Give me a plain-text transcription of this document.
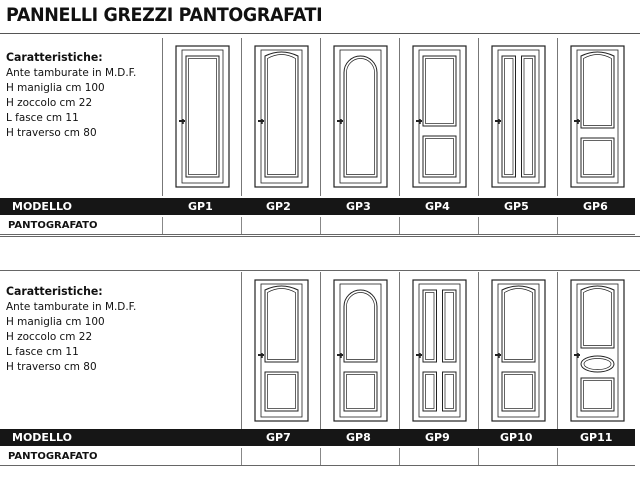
PANNELLI GREZZI PANTOGRAFATI
Caratteristiche:
Ante tamburate in M.D.F.
H maniglia cm 100
H zoccolo cm 22
L fasce cm 11
H traverso cm 80
MODELLO	GP1	GP2	GP3	GP4	GP5	GP6
PANTOGRAFATO
Caratteristiche:
Ante tamburate in M.D.F.
H maniglia cm 100
H zoccolo cm 22
L fasce cm 11
H traverso cm 80
MODELLO	GP7	GP8	GP9	GP10	GP11
PANTOGRAFATO
